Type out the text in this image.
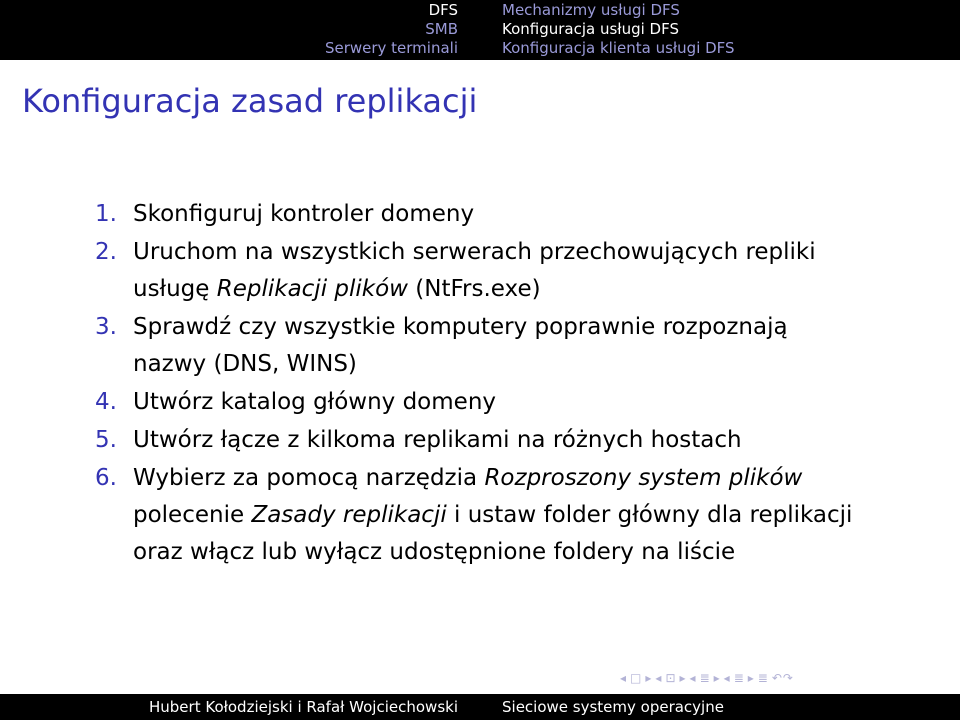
DFS
SMB
Serwery terminali
Mechanizmy usługi DFS
Konfiguracja usługi DFS
Konfiguracja klienta usługi DFS
Konfiguracja zasad replikacji
1. Skonfiguruj kontroler domeny
2. Uruchom na wszystkich serwerach przechowujących repliki
usługę Replikacji plików (NtFrs.exe)
3. Sprawdź czy wszystkie komputery poprawnie rozpoznają
nazwy (DNS, WINS)
4. Utwórz katalog główny domeny
5. Utwórz łącze z kilkoma replikami na różnych hostach
6. Wybierz za pomocą narzędzia Rozproszony system plików
polecenie Zasady replikacji i ustaw folder główny dla replikacji
oraz włącz lub wyłącz udostępnione foldery na liście
◂ □ ▸ ◂ ⊡ ▸ ◂ ≣ ▸ ◂ ≣ ▸ ≣ ↶↷
Hubert Kołodziejski i Rafał Wojciechowski	Sieciowe systemy operacyjne
